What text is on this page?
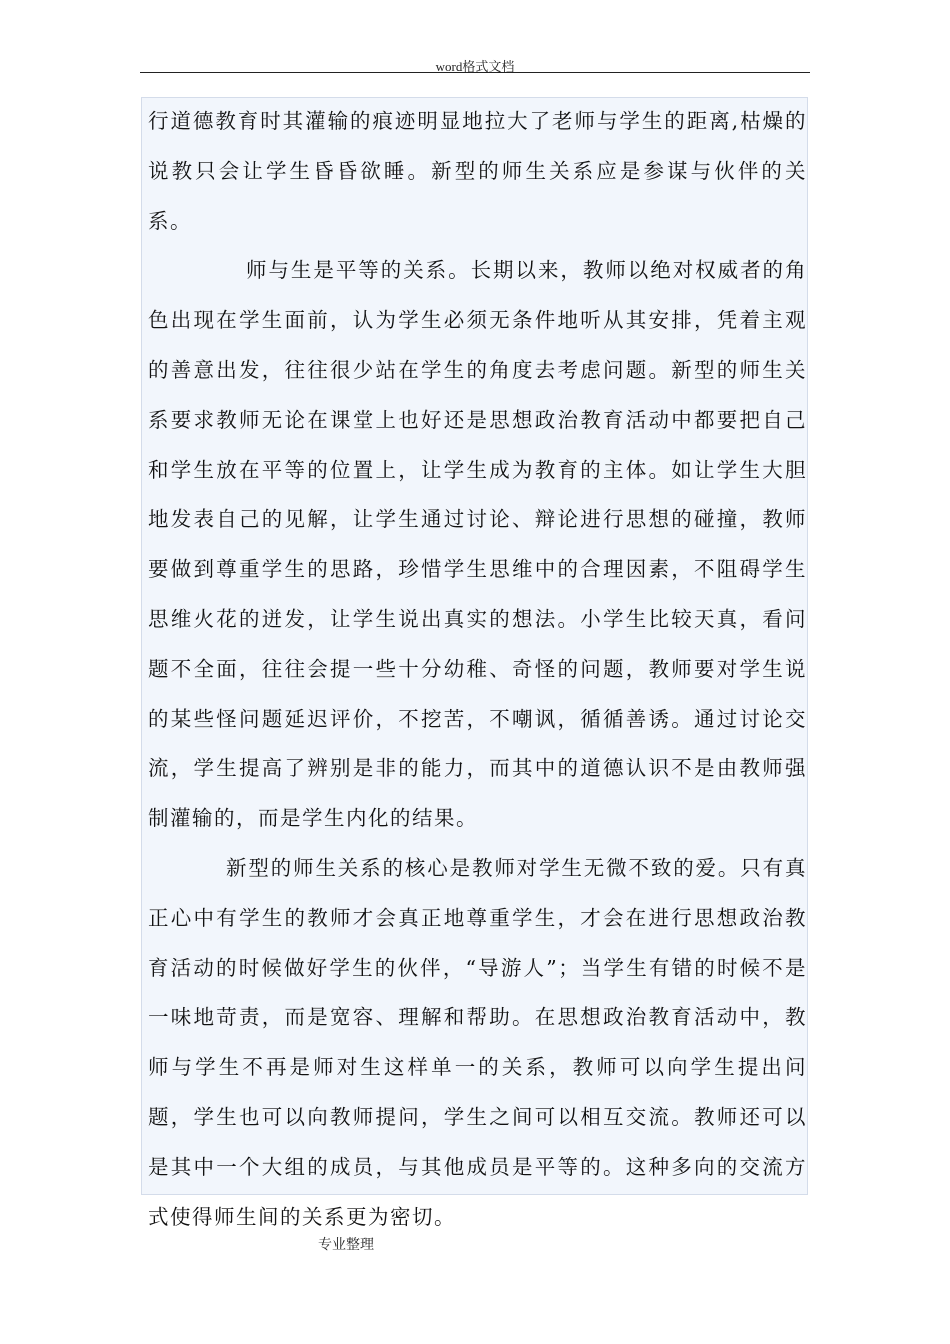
word格式文档

行道德教育时其灌输的痕迹明显地拉大了老师与学生的距离,枯燥的说教只会让学生昏昏欲睡。新型的师生关系应是参谋与伙伴的关系。

师与生是平等的关系。长期以来，教师以绝对权威者的角色出现在学生面前，认为学生必须无条件地听从其安排，凭着主观的善意出发，往往很少站在学生的角度去考虑问题。新型的师生关系要求教师无论在课堂上也好还是思想政治教育活动中都要把自己和学生放在平等的位置上，让学生成为教育的主体。如让学生大胆地发表自己的见解，让学生通过讨论、辩论进行思想的碰撞，教师要做到尊重学生的思路，珍惜学生思维中的合理因素，不阻碍学生思维火花的迸发，让学生说出真实的想法。小学生比较天真，看问题不全面，往往会提一些十分幼稚、奇怪的问题，教师要对学生说的某些怪问题延迟评价，不挖苦，不嘲讽，循循善诱。通过讨论交流，学生提高了辨别是非的能力，而其中的道德认识不是由教师强制灌输的，而是学生内化的结果。

新型的师生关系的核心是教师对学生无微不致的爱。只有真正心中有学生的教师才会真正地尊重学生，才会在进行思想政治教育活动的时候做好学生的伙伴，“导游人”；当学生有错的时候不是一味地苛责，而是宽容、理解和帮助。在思想政治教育活动中，教师与学生不再是师对生这样单一的关系，教师可以向学生提出问题，学生也可以向教师提问，学生之间可以相互交流。教师还可以是其中一个大组的成员，与其他成员是平等的。这种多向的交流方式使得师生间的关系更为密切。

专业整理
